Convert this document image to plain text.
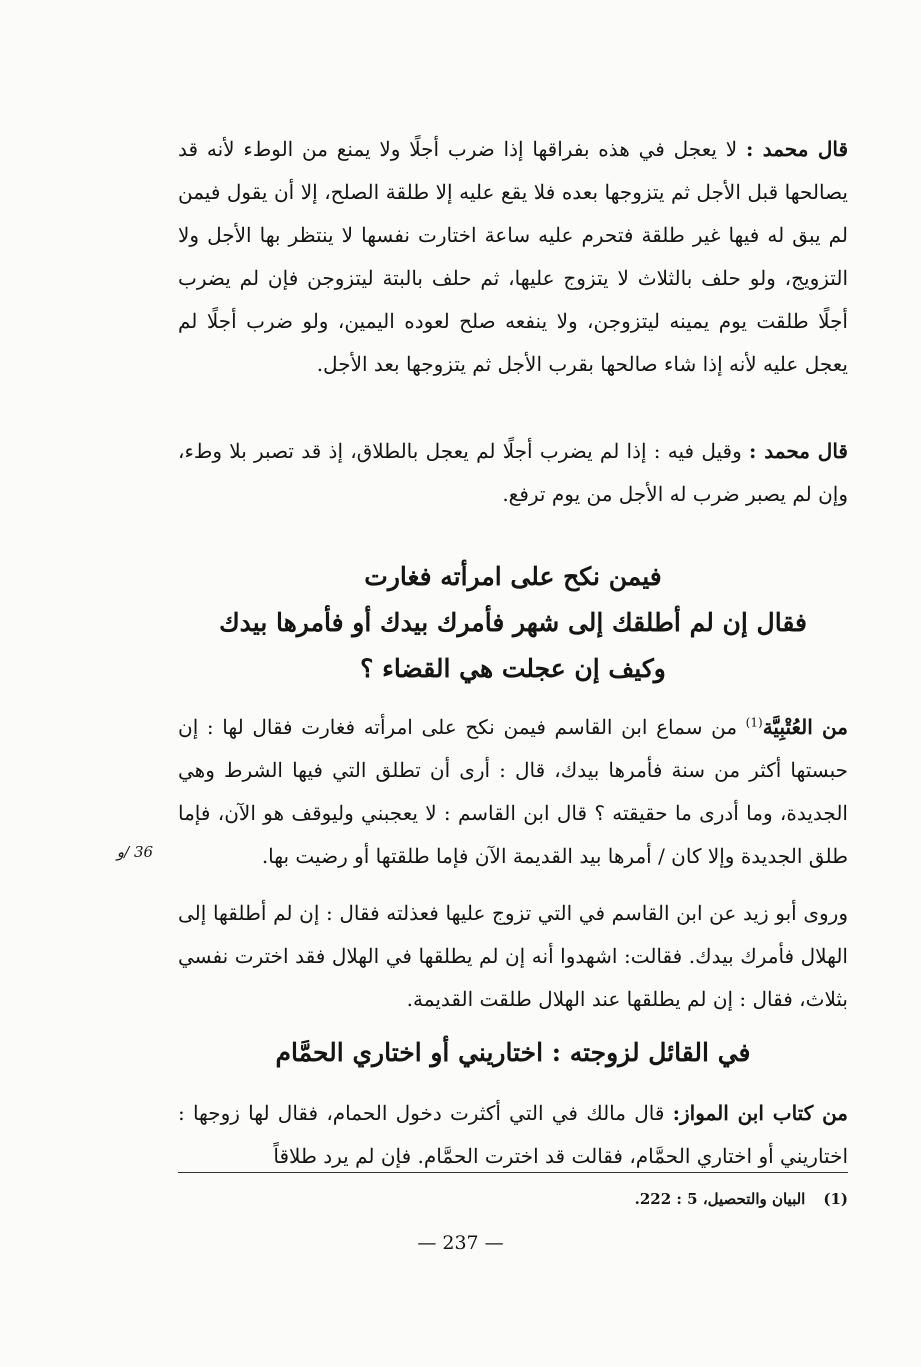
قال محمد : لا يعجل في هذه بفراقها إذا ضرب أجلًا ولا يمنع من الوطء لأنه قد يصالحها قبل الأجل ثم يتزوجها بعده فلا يقع عليه إلا طلقة الصلح، إلا أن يقول فيمن لم يبق له فيها غير طلقة فتحرم عليه ساعة اختارت نفسها لا ينتظر بها الأجل ولا التزويج، ولو حلف بالثلاث لا يتزوج عليها، ثم حلف بالبتة ليتزوجن فإن لم يضرب أجلًا طلقت يوم يمينه ليتزوجن، ولا ينفعه صلح لعوده اليمين، ولو ضرب أجلًا لم يعجل عليه لأنه إذا شاء صالحها بقرب الأجل ثم يتزوجها بعد الأجل.

قال محمد : وقيل فيه : إذا لم يضرب أجلًا لم يعجل بالطلاق، إذ قد تصبر بلا وطء، وإن لم يصبر ضرب له الأجل من يوم ترفع.

فيمن نكح على امرأته فغارت
فقال إن لم أطلقك إلى شهر فأمرك بيدك أو فأمرها بيدك
وكيف إن عجلت هي القضاء ؟

من العُتْبِيَّة$^{(1)}$ من سماع ابن القاسم فيمن نكح على امرأته فغارت فقال لها : إن حبستها أكثر من سنة فأمرها بيدك، قال : أرى أن تطلق التي فيها الشرط وهي الجديدة، وما أدرى ما حقيقته ؟ قال ابن القاسم : لا يعجبني وليوقف هو الآن، فإما طلق الجديدة وإلا كان / أمرها بيد القديمة الآن فإما طلقتها أو رضيت بها.

36 /و

وروى أبو زيد عن ابن القاسم في التي تزوج عليها فعذلته فقال : إن لم أطلقها إلى الهلال فأمرك بيدك. فقالت: اشهدوا أنه إن لم يطلقها في الهلال فقد اخترت نفسي بثلاث، فقال : إن لم يطلقها عند الهلال طلقت القديمة.

في القائل لزوجته : اختاريني أو اختاري الحمَّام

من كتاب ابن المواز: قال مالك في التي أكثرت دخول الحمام، فقال لها زوجها : اختاريني أو اختاري الحمَّام، فقالت قد اخترت الحمَّام. فإن لم يرد طلاقاً

(1)البيان والتحصيل، 5 : 222.
— 237 —
